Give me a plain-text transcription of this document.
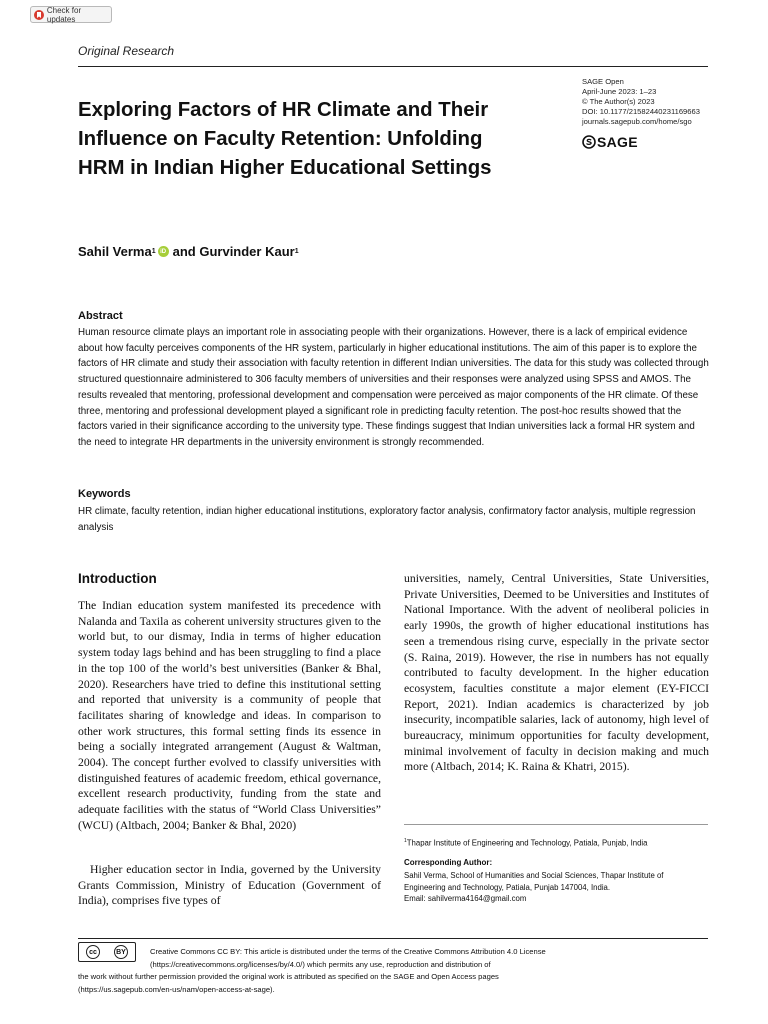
Check for updates
Original Research
SAGE Open
April-June 2023: 1–23
© The Author(s) 2023
DOI: 10.1177/21582440231169663
journals.sagepub.com/home/sgo
SAGE
Exploring Factors of HR Climate and Their Influence on Faculty Retention: Unfolding HRM in Indian Higher Educational Settings
Sahil Verma 1 iD and Gurvinder Kaur 1
Abstract

Human resource climate plays an important role in associating people with their organizations. However, there is a lack of empirical evidence about how faculty perceives components of the HR system, particularly in higher educational institutions. The aim of this paper is to explore the factors of HR climate and study their association with faculty retention in different Indian universities. The data for this study was collected through structured questionnaire administered to 306 faculty members of universities and their responses were analyzed using SPSS and AMOS. The results revealed that mentoring, professional development and compensation were perceived as major components of the HR climate. Of these three, mentoring and professional development played a significant role in predicting faculty retention. The post-hoc results showed that the factors varied in their significance according to the university type. These findings suggest that Indian universities lack a formal HR system and the need to integrate HR departments in the university environment is strongly recommended.

Keywords

HR climate, faculty retention, indian higher educational institutions, exploratory factor analysis, confirmatory factor analysis, multiple regression analysis

Introduction

The Indian education system manifested its precedence with Nalanda and Taxila as coherent university structures given to the world but, to our dismay, India in terms of higher education system today lags behind and has been struggling to find a place in the top 100 of the world’s best universities (Banker & Bhal, 2020). Researchers have tried to define this institutional setting and reported that university is a community of people that facilitates sharing of knowledge and ideas. In comparison to other work structures, this formal setting finds its essence in being a socially integrated arrangement (August & Waltman, 2004). The concept further evolved to classify universities with distinguished features of academic freedom, ethical governance, excellent research productivity, funding from the state and adequate facilities with the status of “World Class Universities” (WCU) (Altbach, 2004; Banker & Bhal, 2020)

Higher education sector in India, governed by the University Grants Commission, Ministry of Education (Government of India), comprises five types of

universities, namely, Central Universities, State Universities, Private Universities, Deemed to be Universities and Institutes of National Importance. With the advent of neoliberal policies in early 1990s, the growth of higher educational institutions has seen a tremendous rising curve, especially in the private sector (S. Raina, 2019). However, the rise in numbers has not equally contributed to faculty development. In the higher education ecosystem, faculties constitute a major element (EY-FICCI Report, 2021). Indian academics is characterized by job insecurity, incompatible salaries, lack of autonomy, high level of bureaucracy, minimum opportunities for faculty development, minimal involvement of faculty in decision making and much more (Altbach, 2014; K. Raina & Khatri, 2015).

$^1$Thapar Institute of Engineering and Technology, Patiala, Punjab, India
Corresponding Author:
Sahil Verma, School of Humanities and Social Sciences, Thapar Institute of
Engineering and Technology, Patiala, Punjab 147004, India.
Email: sahilverma4164@gmail.com
cc	BY	Creative Commons CC BY: This article is distributed under the terms of the Creative Commons Attribution 4.0 License
(https://creativecommons.org/licenses/by/4.0/) which permits any use, reproduction and distribution of
the work without further permission provided the original work is attributed as specified on the SAGE and Open Access pages
(https://us.sagepub.com/en-us/nam/open-access-at-sage).
